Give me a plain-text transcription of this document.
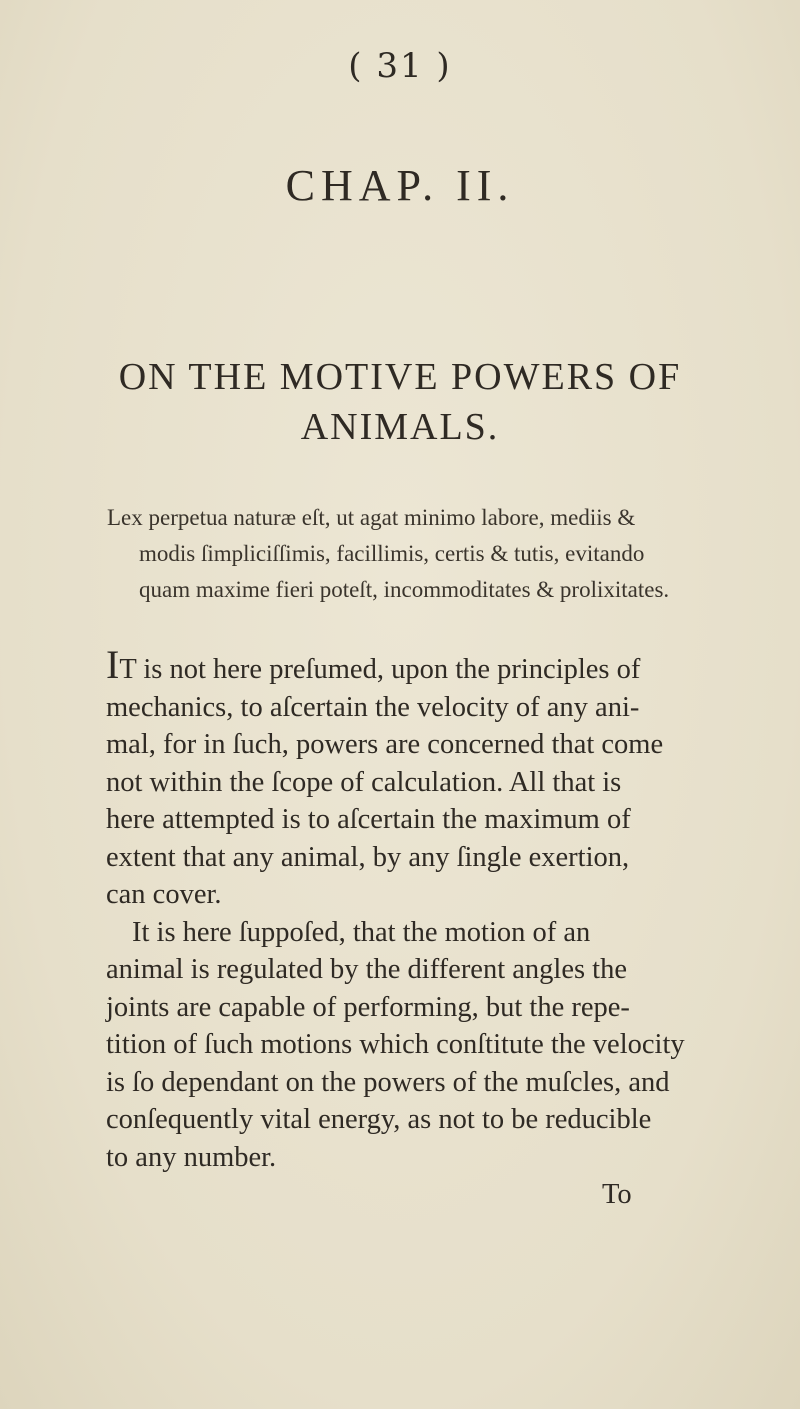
( 31 )
CHAP. II.
ON THE MOTIVE POWERS OF
ANIMALS.
Lex perpetua naturæ eſt, ut agat minimo labore, mediis &
modis ſimpliciſſimis, facillimis, certis & tutis, evitando
quam maxime fieri poteſt, incommoditates & prolixitates.
IT is not here preſumed, upon the principles of
mechanics, to aſcertain the velocity of any ani-
mal, for in ſuch, powers are concerned that come
not within the ſcope of calculation. All that is
here attempted is to aſcertain the maximum of
extent that any animal, by any ſingle exertion,
can cover.
It is here ſuppoſed, that the motion of an
animal is regulated by the different angles the
joints are capable of performing, but the repe-
tition of ſuch motions which conſtitute the velocity
is ſo dependant on the powers of the muſcles, and
conſequently vital energy, as not to be reducible
to any number.
To
